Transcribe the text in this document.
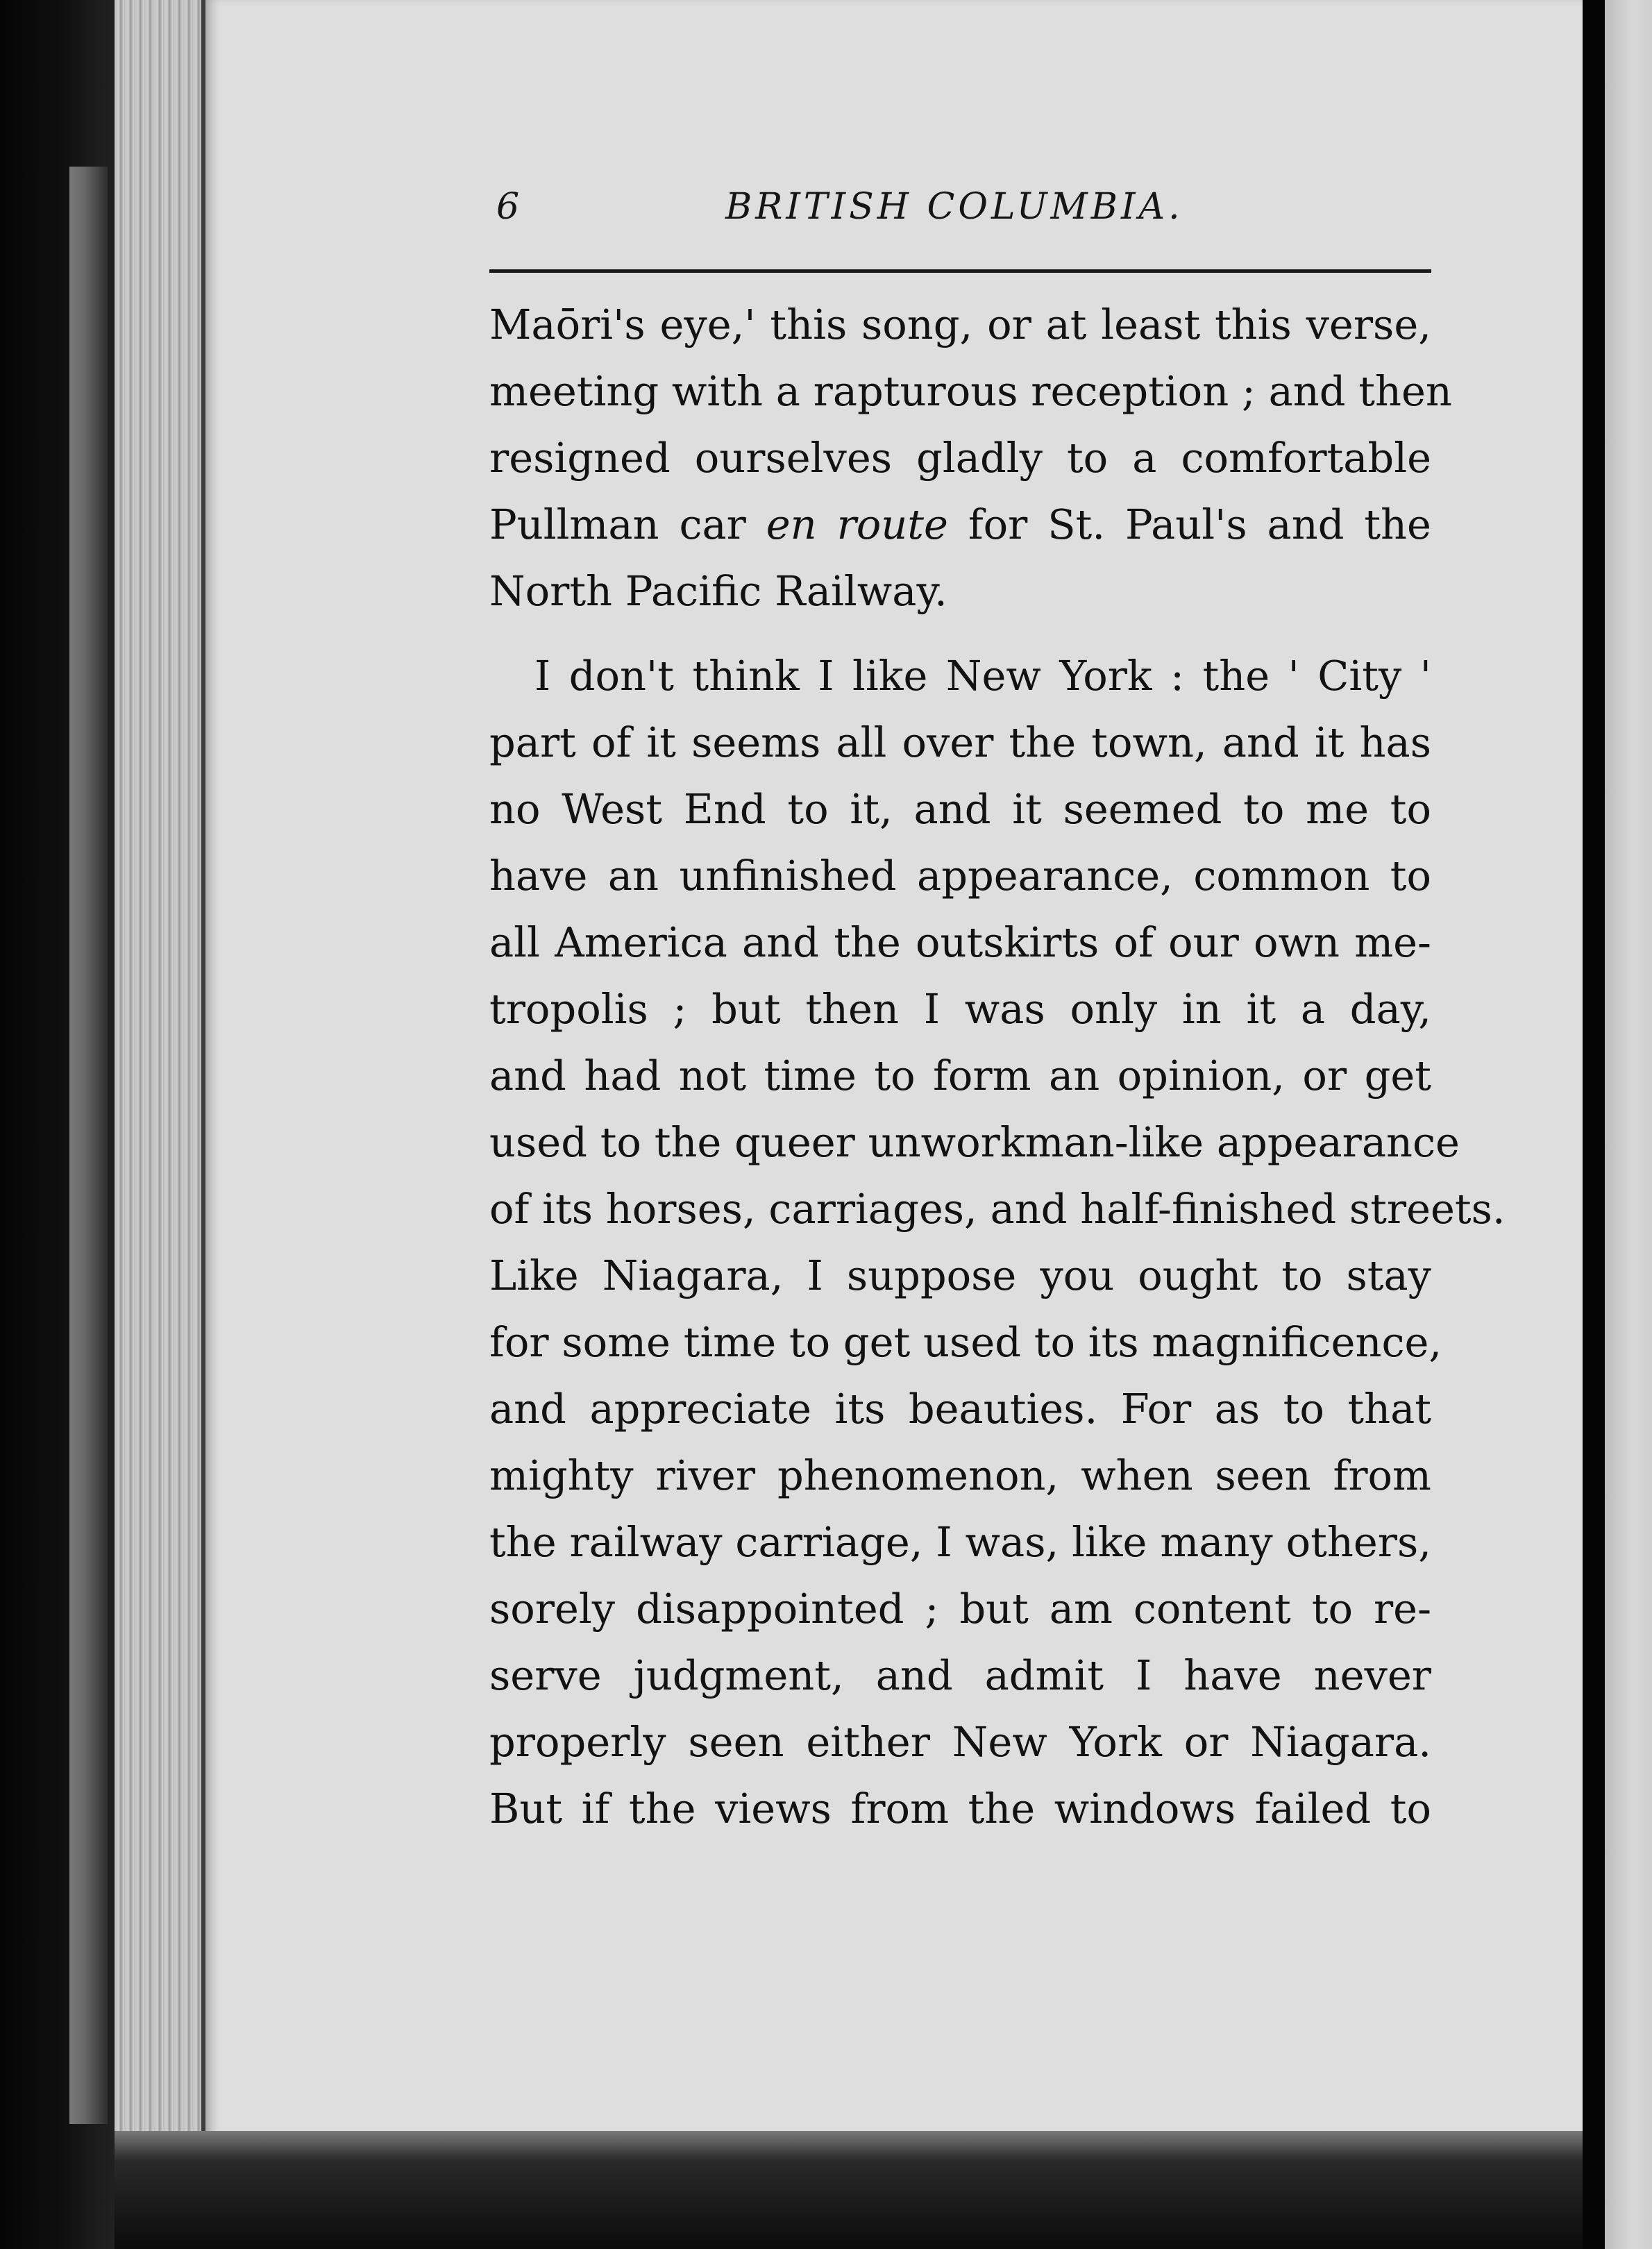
6	BRITISH COLUMBIA.
Maōri's eye,' this song, or at least this verse,
meeting with a rapturous reception ; and then
resigned ourselves gladly to a comfortable
Pullman car en route for St. Paul's and the
North Pacific Railway.
I don't think I like New York : the ' City '
part of it seems all over the town, and it has
no West End to it, and it seemed to me to
have an unfinished appearance, common to
all America and the outskirts of our own me-
tropolis ; but then I was only in it a day,
and had not time to form an opinion, or get
used to the queer unworkman-like appearance
of its horses, carriages, and half-finished streets.
Like Niagara, I suppose you ought to stay
for some time to get used to its magnificence,
and appreciate its beauties. For as to that
mighty river phenomenon, when seen from
the railway carriage, I was, like many others,
sorely disappointed ; but am content to re-
serve judgment, and admit I have never
properly seen either New York or Niagara.
But if the views from the windows failed to
